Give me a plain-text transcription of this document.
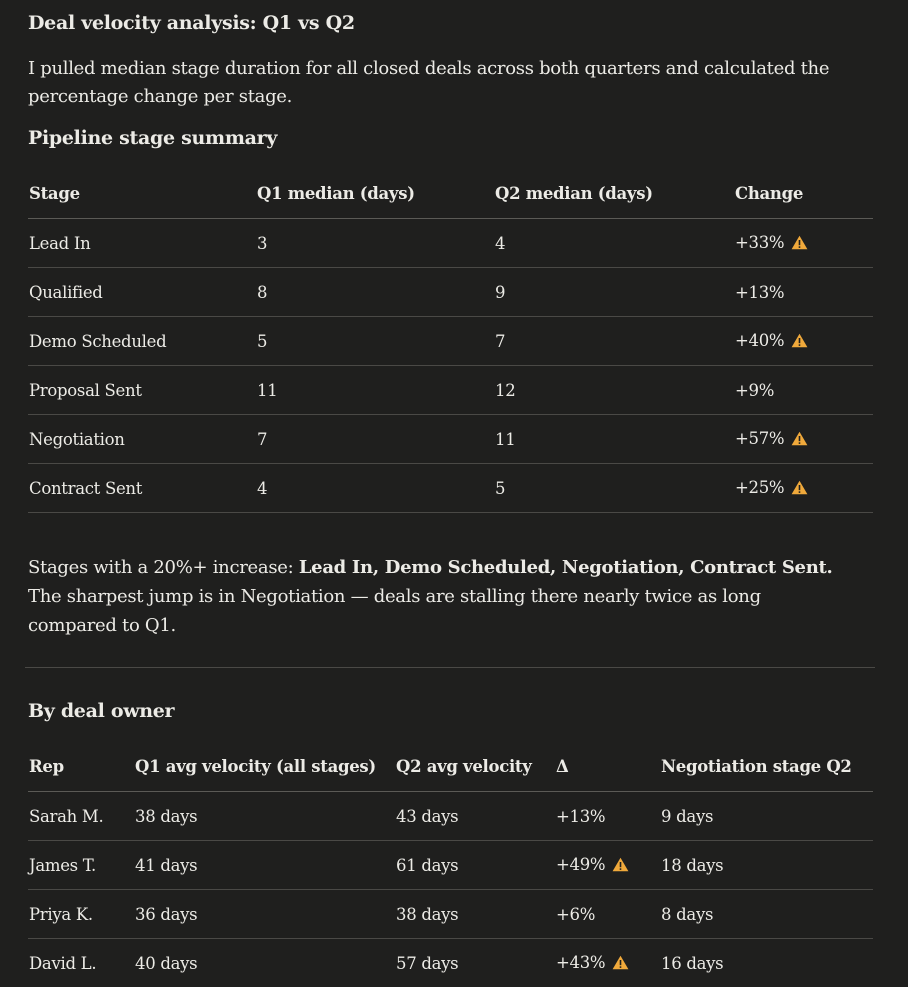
Deal velocity analysis: Q1 vs Q2

I pulled median stage duration for all closed deals across both quarters and calculated the percentage change per stage.

Pipeline stage summary
Stage	Q1 median (days)	Q2 median (days)	Change
Lead In	3	4	+33%
Qualified	8	9	+13%
Demo Scheduled	5	7	+40%
Proposal Sent	11	12	+9%
Negotiation	7	11	+57%
Contract Sent	4	5	+25%

Stages with a 20%+ increase: Lead In, Demo Scheduled, Negotiation, Contract Sent. The sharpest jump is in Negotiation — deals are stalling there nearly twice as long compared to Q1.

By deal owner
Rep	Q1 avg velocity (all stages)	Q2 avg velocity	Δ	Negotiation stage Q2
Sarah M.	38 days	43 days	+13%	9 days
James T.	41 days	61 days	+49%	18 days
Priya K.	36 days	38 days	+6%	8 days
David L.	40 days	57 days	+43%	16 days
